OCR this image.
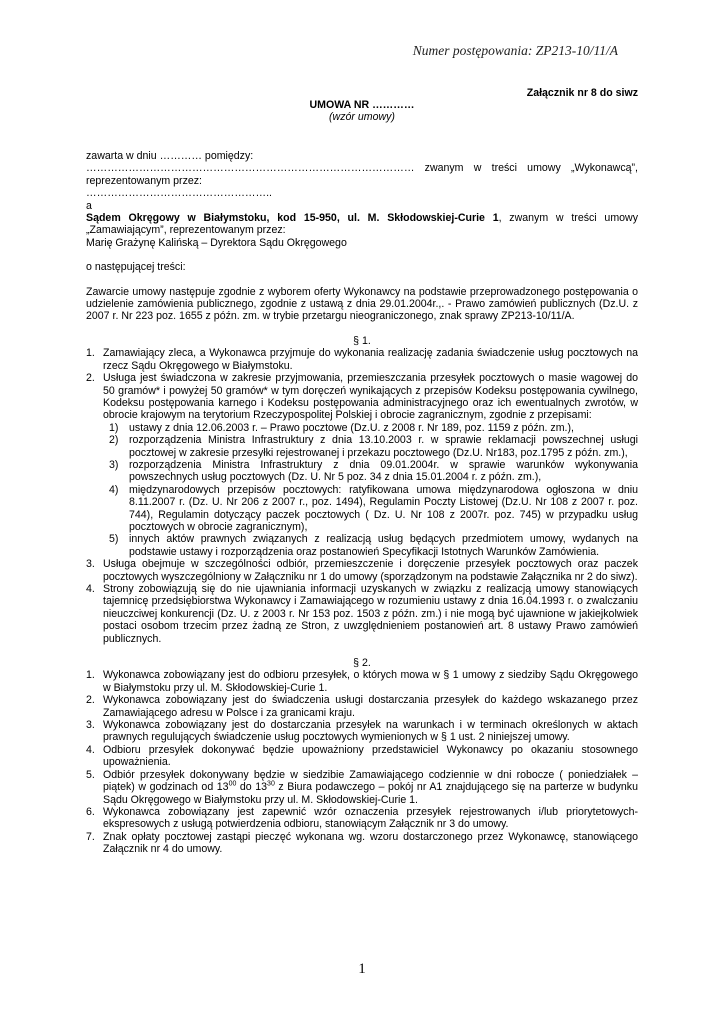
Numer postępowania: ZP213-10/11/A
Załącznik nr 8 do siwz
UMOWA NR …………
(wzór umowy)

zawarta w dniu ………… pomiędzy:

………………………………………………………………………………… zwanym w treści umowy „Wykonawcą”, reprezentowanym przez:

……………………………………………..

a

Sądem Okręgowy w Białymstoku, kod 15-950, ul. M. Skłodowskiej-Curie 1, zwanym w treści umowy „Zamawiającym”, reprezentowanym przez:

Marię Grażynę Kalińską – Dyrektora Sądu Okręgowego

o następującej treści:

Zawarcie umowy następuje zgodnie z wyborem oferty Wykonawcy na podstawie przeprowadzonego postępowania o udzielenie zamówienia publicznego, zgodnie z ustawą z dnia 29.01.2004r.,. - Prawo zamówień publicznych (Dz.U. z 2007 r. Nr 223 poz. 1655 z późn. zm. w trybie przetargu nieograniczonego, znak sprawy ZP213-10/11/A.

§ 1.

1. Zamawiający zleca, a Wykonawca przyjmuje do wykonania realizację zadania świadczenie usług pocztowych na rzecz Sądu Okręgowego w Białymstoku.
2. Usługa jest świadczona w zakresie przyjmowania, przemieszczania przesyłek pocztowych o masie wagowej do 50 gramów* i powyżej 50 gramów* w tym doręczeń wynikających z przepisów Kodeksu postępowania cywilnego, Kodeksu postępowania karnego i Kodeksu postępowania administracyjnego oraz ich ewentualnych zwrotów, w obrocie krajowym na terytorium Rzeczypospolitej Polskiej i obrocie zagranicznym, zgodnie z przepisami:
1) ustawy z dnia 12.06.2003 r. – Prawo pocztowe (Dz.U. z 2008 r. Nr 189, poz. 1159 z późn. zm.),
2) rozporządzenia Ministra Infrastruktury z dnia 13.10.2003 r. w sprawie reklamacji powszechnej usługi pocztowej w zakresie przesyłki rejestrowanej i przekazu pocztowego (Dz.U. Nr183, poz.1795 z późn. zm.),
3) rozporządzenia Ministra Infrastruktury z dnia 09.01.2004r. w sprawie warunków wykonywania powszechnych usług pocztowych (Dz. U. Nr 5 poz. 34 z dnia 15.01.2004 r. z późn. zm.),
4) międzynarodowych przepisów pocztowych: ratyfikowana umowa międzynarodowa ogłoszona w dniu 8.11.2007 r. (Dz. U. Nr 206 z 2007 r., poz. 1494), Regulamin Poczty Listowej (Dz.U. Nr 108 z 2007 r. poz. 744), Regulamin dotyczący paczek pocztowych ( Dz. U. Nr 108 z 2007r. poz. 745) w przypadku usług pocztowych w obrocie zagranicznym),
5) innych aktów prawnych związanych z realizacją usług będących przedmiotem umowy, wydanych na podstawie ustawy i rozporządzenia oraz postanowień Specyfikacji Istotnych Warunków Zamówienia.
3. Usługa obejmuje w szczególności odbiór, przemieszczenie i doręczenie przesyłek pocztowych oraz paczek pocztowych wyszczególniony w Załączniku nr 1 do umowy (sporządzonym na podstawie Załącznika nr 2 do siwz).
4. Strony zobowiązują się do nie ujawniania informacji uzyskanych w związku z realizacją umowy stanowiących tajemnicę przedsiębiorstwa Wykonawcy i Zamawiającego w rozumieniu ustawy z dnia 16.04.1993 r. o zwalczaniu nieuczciwej konkurencji (Dz. U. z 2003 r. Nr 153 poz. 1503 z późn. zm.) i nie mogą być ujawnione w jakiejkolwiek postaci osobom trzecim przez żadną ze Stron, z uwzględnieniem postanowień art. 8 ustawy Prawo zamówień publicznych.

§ 2.

1. Wykonawca zobowiązany jest do odbioru przesyłek, o których mowa w § 1 umowy z siedziby Sądu Okręgowego w Białymstoku przy ul. M. Skłodowskiej-Curie 1.
2. Wykonawca zobowiązany jest do świadczenia usługi dostarczania przesyłek do każdego wskazanego przez Zamawiającego adresu w Polsce i za granicami kraju.
3. Wykonawca zobowiązany jest do dostarczania przesyłek na warunkach i w terminach określonych w aktach prawnych regulujących świadczenie usług pocztowych wymienionych w § 1 ust. 2 niniejszej umowy.
4. Odbioru przesyłek dokonywać będzie upoważniony przedstawiciel Wykonawcy po okazaniu stosownego upoważnienia.
5. Odbiór przesyłek dokonywany będzie w siedzibie Zamawiającego codziennie w dni robocze ( poniedziałek – piątek) w godzinach od $13^{00}$ do $13^{30}$ z Biura podawczego – pokój nr A1 znajdującego się na parterze w budynku Sądu Okręgowego w Białymstoku przy ul. M. Skłodowskiej-Curie 1.
6. Wykonawca zobowiązany jest zapewnić wzór oznaczenia przesyłek rejestrowanych i/lub priorytetowych-ekspresowych z usługą potwierdzenia odbioru, stanowiącym Załącznik nr 3 do umowy.
7. Znak opłaty pocztowej zastąpi pieczęć wykonana wg. wzoru dostarczonego przez Wykonawcę, stanowiącego Załącznik nr 4 do umowy.
1
